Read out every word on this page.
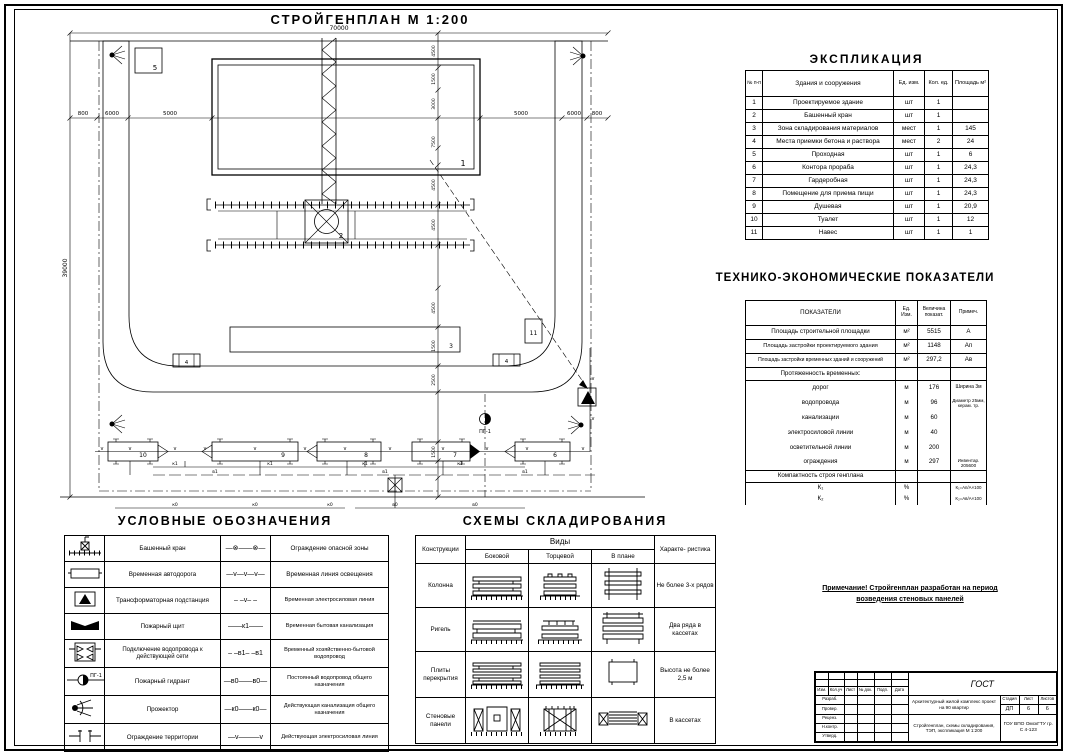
СТРОЙГЕНПЛАН М 1:200
70000
39000
800	6000	5000	5000	6000 800
4500
1500
3000
7500
4500
4500
4500
1500
2500
1500
3
1
2
4	4
11
5
10	9	8	7	6
v	v	v	v	v	v	v	v	v	v	v	v
v
v
ПГ-1
к1	к1	к1	к1
в1	в1	в1
к0	к0	к0	в0	в0
ЭКСПЛИКАЦИЯ
№ п-п	Здания и сооружения	Ед. изм.	Кол. ед.	Площадь м²
1	Проектируемое здание	шт	1	
2	Башенный кран	шт	1	
3	Зона складирования материалов	мест	1	145
4	Места приемки бетона и раствора	мест	2	24
5	Проходная	шт	1	6
6	Контора прораба	шт	1	24,3
7	Гардеробная	шт	1	24,3
8	Помещение для приема пищи	шт	1	24,3
9	Душевая	шт	1	20,9
10	Туалет	шт	1	12
11	Навес	шт	1	1
ТЕХНИКО-ЭКОНОМИЧЕСКИЕ ПОКАЗАТЕЛИ
ПОКАЗАТЕЛИ	Ед. Изм.	Величина показат.	Примеч.
Площадь строительной площадки	м²	5515	А
Площадь застройки проектируемого здания	м²	1148	Ап
Площадь застройки временных зданий и сооружений	м²	297,2	Ав
Протяженность временных:			
дорог	м	176	Ширина 3м
водопровода	м	96	Диаметр 25мм, керам. тр.
канализации	м	60	
электросиловой линии	м	40	
осветительной линии	м	200	
ограждения	м	297	Инвентар. 205600
Компактность строя генплана			
К₁	%		К₁=Ап/А×100
К₂	%		К₂=Ав/А×100
УСЛОВНЫЕ ОБОЗНАЧЕНИЯ
	Башенный кран	—⊗——⊗—	Ограждение опасной зоны
	Временная автодорога	—v—v—v—	Временная линия освещения
	Трансформаторная подстанция	– –v– –	Временная электросиловая линия
	Пожарный щит	——к1——	Временная бытовая канализация
	Подключение водопровода к действующей сети	– –в1– –в1	Временный хозяйственно-бытовой водопровод

ПГ-1	Пожарный гидрант	—в0——в0—	Постоянный водопровод общего назначения
	Прожектор	—к0——к0—	Действующая канализация общего назначения
	Ограждение территории	—v———v	Действующая электросиловая линия
СХЕМЫ СКЛАДИРОВАНИЯ
Конструкции	Виды			Характе- ристика
	Боковой	Торцевой	В плане	
Колонна				Не более 3-х рядов
Ригель				Два ряда в кассетах
Плиты перекрытия				Высота не более 2,5 м
Стеновые панели				В кассетах
Примечание! Стройгенплан разработан на период
возведения стеновых панелей
						ГОСТ			

Изм.	Кол.уч	Лист	№ док.	Подп.	Дата				
Разраб.						Архитектурный жилой комплекс проект на 90 квартир	Стадия	Лист	Листов
Провер.							ДП	6	6
Реценз.						Стройгенплан, схемы складирования, ТЭП, экспликация М 1:200	ГОУ ВПО ОмскГТУ гр. С 4-123		
Н.контр.									
Утверд.									
